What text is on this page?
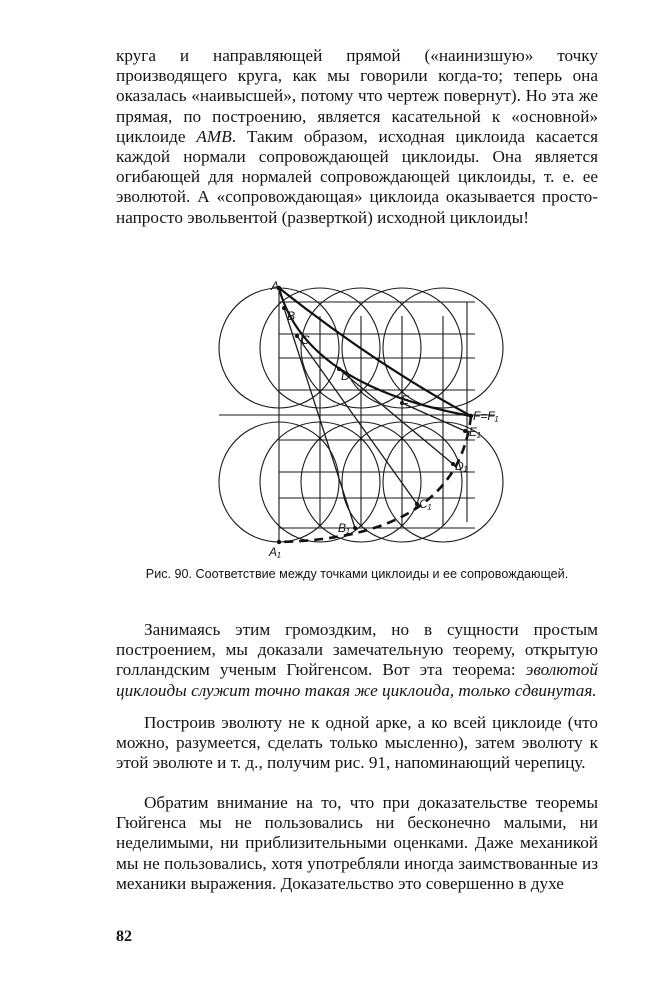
круга и направляющей прямой («наинизшую» точку производящего круга, как мы говорили когда-то; теперь она оказалась «наивысшей», потому что чертеж повернут). Но эта же прямая, по построению, является касательной к «основной» циклоиде AMB. Таким образом, исходная циклоида касается каждой нормали сопровождающей циклоиды. Она является огибающей для нормалей сопровождающей циклоиды, т. е. ее эволютой. А «сопровождающая» циклоида оказывается просто-напросто эвольвентой (разверткой) исходной циклоиды!

A
B
C
D
E
F=F₁
E₁
D₁
C₁
B₁
A₁

Рис. 90. Соответствие между точками циклоиды и ее сопровождающей.

Занимаясь этим громоздким, но в сущности простым построением, мы доказали замечательную теорему, открытую голландским ученым Гюйгенсом. Вот эта теорема: эволютой циклоиды служит точно такая же циклоида, только сдвинутая.

Построив эволюту не к одной арке, а ко всей циклоиде (что можно, разумеется, сделать только мысленно), затем эволюту к этой эволюте и т. д., получим рис. 91, напоминающий черепицу.

Обратим внимание на то, что при доказательстве теоремы Гюйгенса мы не пользовались ни бесконечно малыми, ни неделимыми, ни приблизительными оценками. Даже механикой мы не пользовались, хотя употребляли иногда заимствованные из механики выражения. Доказательство это совершенно в духе

82
